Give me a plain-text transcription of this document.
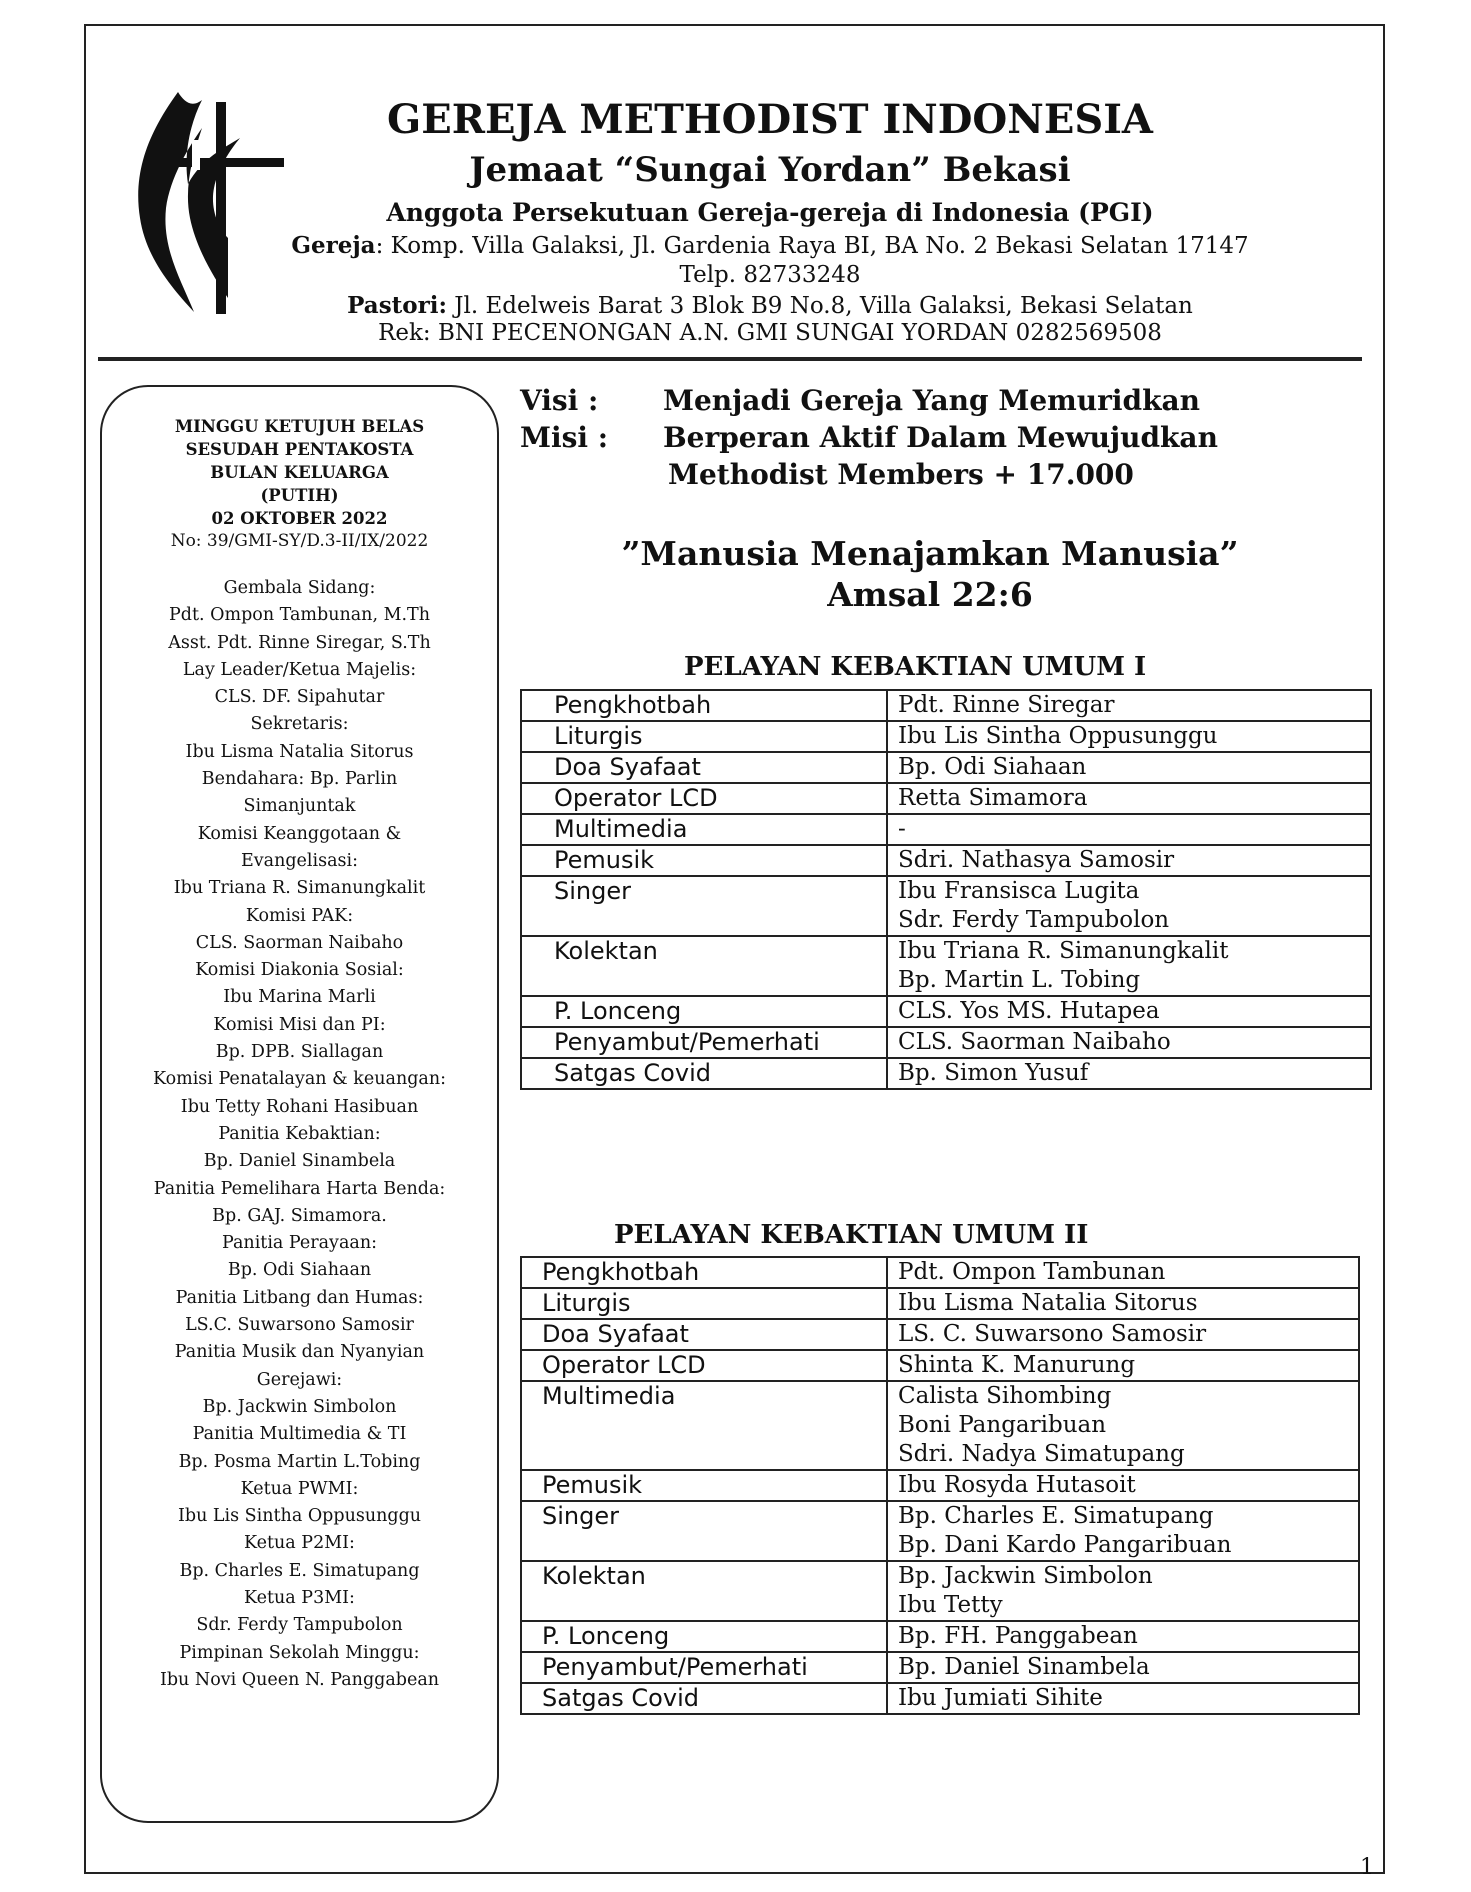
GEREJA METHODIST INDONESIA
Jemaat “Sungai Yordan” Bekasi
Anggota Persekutuan Gereja-gereja di Indonesia (PGI)
Gereja: Komp. Villa Galaksi, Jl. Gardenia Raya BI, BA No. 2 Bekasi Selatan 17147
Telp. 82733248
Pastori: Jl. Edelweis Barat 3 Blok B9 No.8, Villa Galaksi, Bekasi Selatan
Rek: BNI PECENONGAN A.N. GMI SUNGAI YORDAN 0282569508
MINGGU KETUJUH BELAS
SESUDAH PENTAKOSTA
BULAN KELUARGA
(PUTIH)
02 OKTOBER 2022
No: 39/GMI-SY/D.3-II/IX/2022
Gembala Sidang:
Pdt. Ompon Tambunan, M.Th
Asst. Pdt. Rinne Siregar, S.Th
Lay Leader/Ketua Majelis:
CLS. DF. Sipahutar
Sekretaris:
Ibu Lisma Natalia Sitorus
Bendahara: Bp. Parlin
Simanjuntak
Komisi Keanggotaan &
Evangelisasi:
Ibu Triana R. Simanungkalit
Komisi PAK:
CLS. Saorman Naibaho
Komisi Diakonia Sosial:
Ibu Marina Marli
Komisi Misi dan PI:
Bp. DPB. Siallagan
Komisi Penatalayan & keuangan:
Ibu Tetty Rohani Hasibuan
Panitia Kebaktian:
Bp. Daniel Sinambela
Panitia Pemelihara Harta Benda:
Bp. GAJ. Simamora.
Panitia Perayaan:
Bp. Odi Siahaan
Panitia Litbang dan Humas:
LS.C. Suwarsono Samosir
Panitia Musik dan Nyanyian
Gerejawi:
Bp. Jackwin Simbolon
Panitia Multimedia & TI
Bp. Posma Martin L.Tobing
Ketua PWMI:
Ibu Lis Sintha Oppusunggu
Ketua P2MI:
Bp. Charles E. Simatupang
Ketua P3MI:
Sdr. Ferdy Tampubolon
Pimpinan Sekolah Minggu:
Ibu Novi Queen N. Panggabean
Visi : Menjadi Gereja Yang Memuridkan
Misi : Berperan Aktif Dalam Mewujudkan
Methodist Members + 17.000
”Manusia Menajamkan Manusia”
Amsal 22:6
PELAYAN KEBAKTIAN UMUM I
Pengkhotbah	Pdt. Rinne Siregar

Liturgis	Ibu Lis Sintha Oppusunggu

Doa Syafaat	Bp. Odi Siahaan

Operator LCD	Retta Simamora

Multimedia	-

Pemusik	Sdri. Nathasya Samosir

Singer	Ibu Fransisca Lugita
Sdr. Ferdy Tampubolon

Kolektan	Ibu Triana R. Simanungkalit
Bp. Martin L. Tobing

P. Lonceng	CLS. Yos MS. Hutapea

Penyambut/Pemerhati	CLS. Saorman Naibaho

Satgas Covid	Bp. Simon Yusuf
PELAYAN KEBAKTIAN UMUM II
Pengkhotbah	Pdt. Ompon Tambunan

Liturgis	Ibu Lisma Natalia Sitorus

Doa Syafaat	LS. C. Suwarsono Samosir

Operator LCD	Shinta K. Manurung

Multimedia	Calista Sihombing
Boni Pangaribuan
Sdri. Nadya Simatupang

Pemusik	Ibu Rosyda Hutasoit

Singer	Bp. Charles E. Simatupang
Bp. Dani Kardo Pangaribuan

Kolektan	Bp. Jackwin Simbolon
Ibu Tetty

P. Lonceng	Bp. FH. Panggabean

Penyambut/Pemerhati	Bp. Daniel Sinambela

Satgas Covid	Ibu Jumiati Sihite
1
